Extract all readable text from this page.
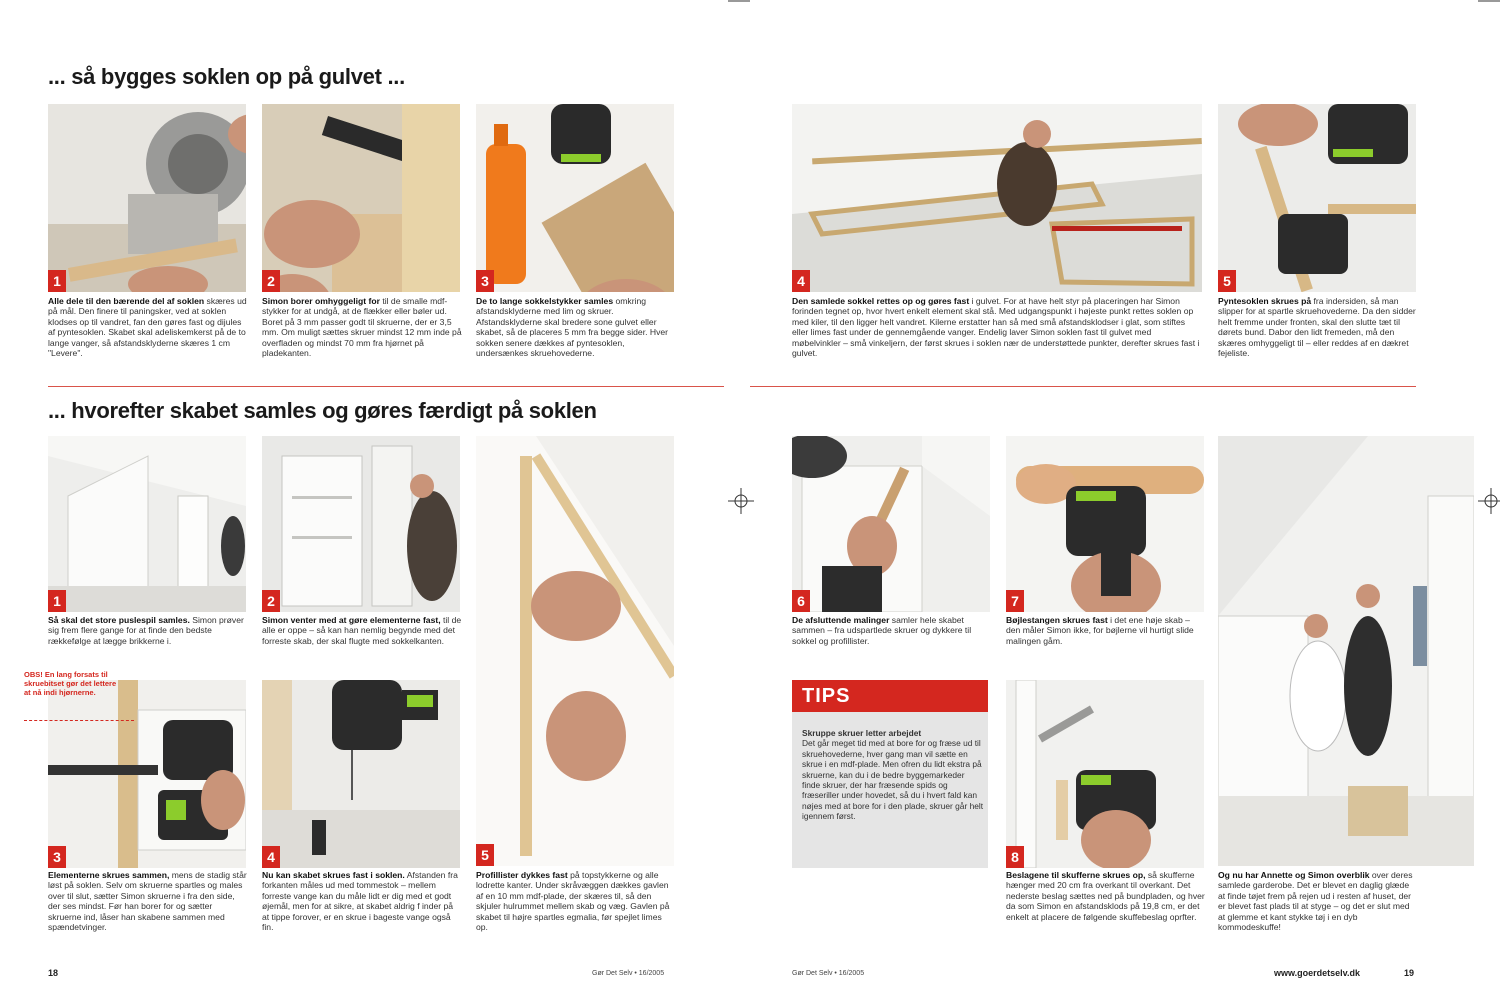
... så bygges soklen op på gulvet ...
... hvorefter skabet samles og gøres færdigt på soklen
1	2	3	4	5
Alle dele til den bærende del af soklen skæres ud på mål. Den finere til paningsker, ved at soklen klodses op til vandret, fan den gøres fast og dijules af pyntesoklen. Skabet skal adeliskemkerst på de to lange vanger, så afstandsklyderne skæres 1 cm "Levere".
Simon borer omhyggeligt for til de smalle mdf-stykker for at undgå, at de flækker eller bøler ud. Boret på 3 mm passer godt til skruerne, der er 3,5 mm. Om muligt sættes skruer mindst 12 mm inde på overfladen og mindst 70 mm fra hjørnet på pladekanten.
De to lange sokkelstykker samles omkring afstandsklyderne med lim og skruer. Afstandsklyderne skal bredere sone gulvet eller skabet, så de placeres 5 mm fra begge sider. Hver sokken senere dækkes af pyntesoklen, undersænkes skruehovederne.
Den samlede sokkel rettes op og gøres fast i gulvet. For at have helt styr på placeringen har Simon forinden tegnet op, hvor hvert enkelt element skal stå. Med udgangspunkt i højeste punkt rettes soklen op med kiler, til den ligger helt vandret. Kilerne erstatter han så med små afstandsklodser i glat, som stiftes eller limes fast under de gennemgående vanger. Endelig laver Simon soklen fast til gulvet med møbelvinkler – små vinkeljern, der først skrues i soklen nær de understøttede punkter, derefter skrues fast i gulvet.
Pyntesoklen skrues på fra indersiden, så man slipper for at spartle skruehovederne. Da den sidder helt fremme under fronten, skal den slutte tæt til dørets bund. Dabor den lidt fremeden, må den skæres omhyggeligt til – eller reddes af en dækret fejeliste.
1	2
5
3	4
OBS! En lang forsats til skruebitset gør det lettere at nå indi hjørnerne.
Så skal det store puslespil samles. Simon prøver sig frem flere gange for at finde den bedste rækkefølge at lægge brikkerne i.
Simon venter med at gøre elementerne fast, til de alle er oppe – så kan han nemlig begynde med det forreste skab, der skal flugte med sokkelkanten.
Elementerne skrues sammen, mens de stadig står løst på soklen. Selv om skruerne spartles og males over til slut, sætter Simon skruerne i fra den side, der ses mindst. Før han borer for og sætter skruerne ind, låser han skabene sammen med spændetvinger.
Nu kan skabet skrues fast i soklen. Afstanden fra forkanten måles ud med tommestok – mellem forreste vange kan du måle lidt er dig med et godt øjemål, men for at sikre, at skabet aldrig f inder på at tippe forover, er en skrue i bageste vange også fin.
Profillister dykkes fast på topstykkerne og alle lodrette kanter. Under skråvæggen dækkes gavlen af en 10 mm mdf-plade, der skæres til, så den skjuler hulrummet mellem skab og væg. Gavlen på skabet til højre spartles egmalia, før spejlet limes op.
6	7
TIPS
Skruppe skruer letter arbejdet
Det går meget tid med at bore for og fræse ud til skruehovederne, hver gang man vil sætte en skrue i en mdf-plade. Men ofren du lidt ekstra på skruerne, kan du i de bedre byggemarkeder finde skruer, der har fræsende spids og fræseriller under hovedet, så du i hvert fald kan nøjes med at bore for i den plade, skruer går helt igennem først.
8
De afsluttende malinger samler hele skabet sammen – fra udspartlede skruer og dykkere til sokkel og profillister.
Bøjlestangen skrues fast i det ene høje skab – den måler Simon ikke, for bøjlerne vil hurtigt slide malingen gåm.
Beslagene til skufferne skrues op, så skufferne hænger med 20 cm fra overkant til overkant. Det nederste beslag sættes ned på bundpladen, og hver da som Simon en afstandsklods på 19,8 cm, er det enkelt at placere de følgende skuffebeslag oprfter.
Og nu har Annette og Simon overblik over deres samlede garderobe. Det er blevet en daglig glæde at finde tøjet frem på rejen ud i resten af huset, der er blevet fast plads til at styge – og det er slut med at glemme et kant stykke tøj i en dyb kommodeskuffe!
18	Gør Det Selv • 16/2005	Gør Det Selv • 16/2005	www.goerdetselv.dk	19
